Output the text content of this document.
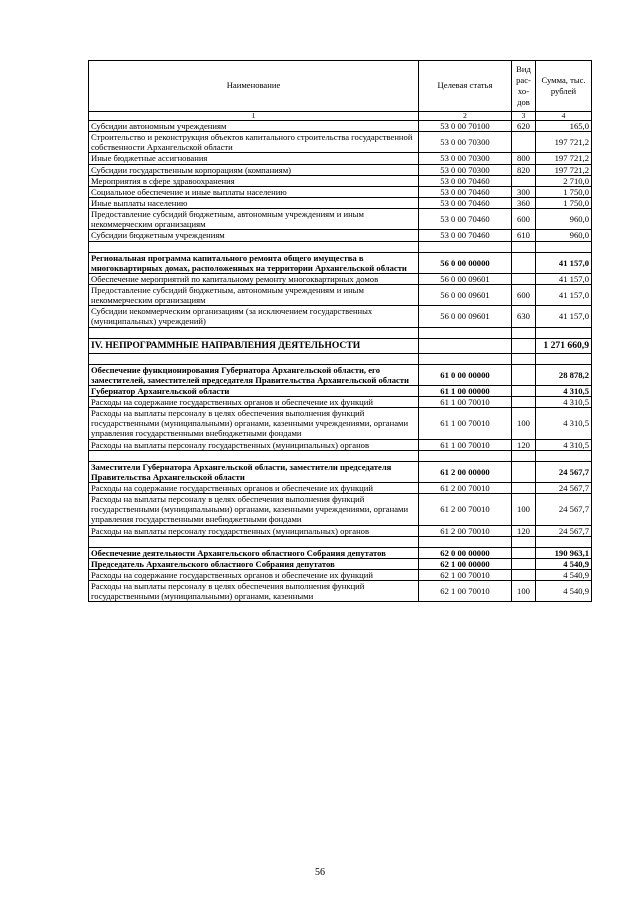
Наименование	Целевая статья	Вид рас-хо-дов	Сумма, тыс. рублей
1	2	3	4
Субсидии автономным учреждениям	53 0 00 70100	620	165,0
Строительство и реконструкция объектов капитального строительства государственной собственности Архангельской области	53 0 00 70300		197 721,2
Иные бюджетные ассигнования	53 0 00 70300	800	197 721,2
Субсидии государственным корпорациям (компаниям)	53 0 00 70300	820	197 721,2
Мероприятия в сфере здравоохранения	53 0 00 70460		2 710,0
Социальное обеспечение и иные выплаты населению	53 0 00 70460	300	1 750,0
Иные выплаты населению	53 0 00 70460	360	1 750,0
Предоставление субсидий бюджетным, автономным учреждениям и иным некоммерческим организациям	53 0 00 70460	600	960,0
Субсидии бюджетным учреждениям	53 0 00 70460	610	960,0

Региональная программа капитального ремонта общего имущества в многоквартирных домах, расположенных на территории Архангельской области	56 0 00 00000		41 157,0
Обеспечение мероприятий по капитальному ремонту многоквартирных домов	56 0 00 09601		41 157,0
Предоставление субсидий бюджетным, автономным учреждениям и иным некоммерческим организациям	56 0 00 09601	600	41 157,0
Субсидии некоммерческим организациям (за исключением государственных (муниципальных) учреждений)	56 0 00 09601	630	41 157,0

IV. НЕПРОГРАММНЫЕ НАПРАВЛЕНИЯ ДЕЯТЕЛЬНОСТИ			1 271 660,9

Обеспечение функционирования Губернатора Архангельской области, его заместителей, заместителей председателя Правительства Архангельской области	61 0 00 00000		28 878,2
Губернатор Архангельской области	61 1 00 00000		4 310,5
Расходы на содержание государственных органов и обеспечение их функций	61 1 00 70010		4 310,5
Расходы на выплаты персоналу в целях обеспечения выполнения функций государственными (муниципальными) органами, казенными учреждениями, органами управления государственными внебюджетными фондами	61 1 00 70010	100	4 310,5
Расходы на выплаты персоналу государственных (муниципальных) органов	61 1 00 70010	120	4 310,5

Заместители Губернатора Архангельской области, заместители председателя Правительства Архангельской области	61 2 00 00000		24 567,7
Расходы на содержание государственных органов и обеспечение их функций	61 2 00 70010		24 567,7
Расходы на выплаты персоналу в целях обеспечения выполнения функций государственными (муниципальными) органами, казенными учреждениями, органами управления государственными внебюджетными фондами	61 2 00 70010	100	24 567,7
Расходы на выплаты персоналу государственных (муниципальных) органов	61 2 00 70010	120	24 567,7

Обеспечение деятельности Архангельского областного Собрания депутатов	62 0 00 00000		190 963,1
Председатель Архангельского областного Собрания депутатов	62 1 00 00000		4 540,9
Расходы на содержание государственных органов и обеспечение их функций	62 1 00 70010		4 540,9
Расходы на выплаты персоналу в целях обеспечения выполнения функций государственными (муниципальными) органами, казенными	62 1 00 70010	100	4 540,9
56
